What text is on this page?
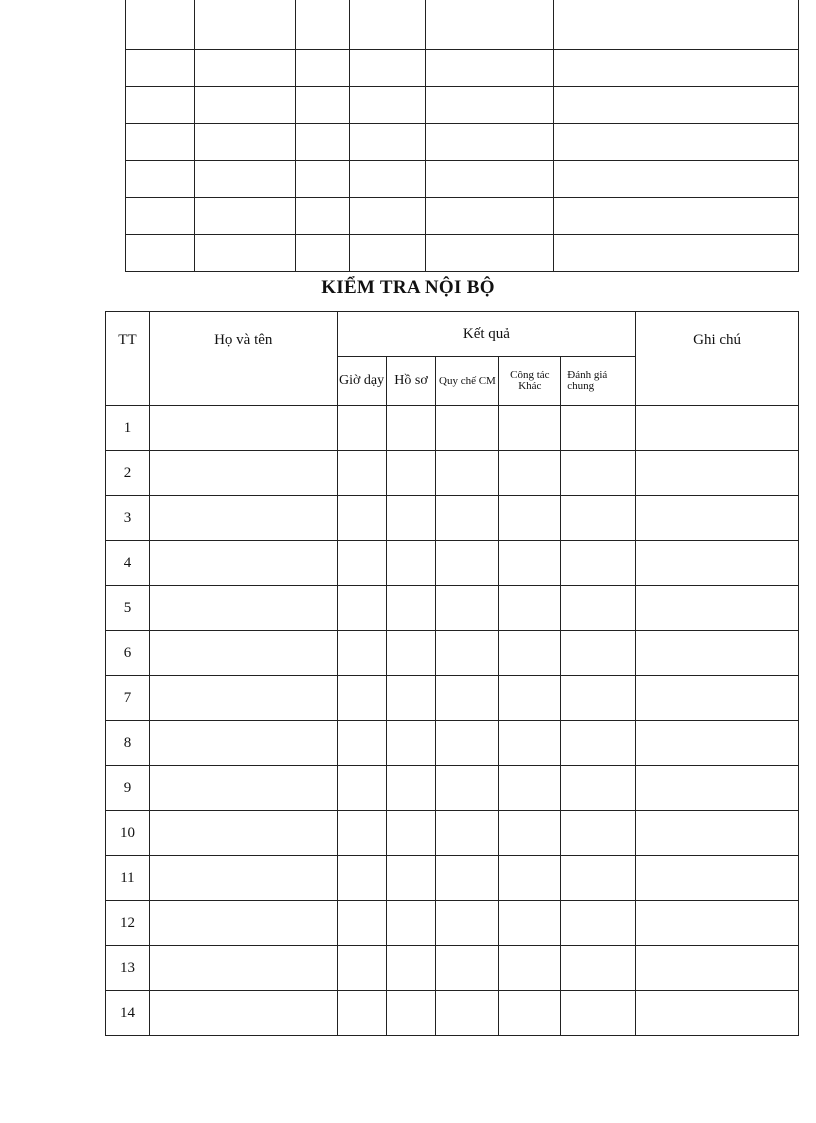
KIỂM TRA NỘI BỘ
TT	Họ và tên	Kết quả					Ghi chú
		Giờ dạy	Hồ sơ	Quy chế CM	Công tác Khác	Đánh giá chung	
1							
2							
3							
4							
5							
6							
7							
8							
9							
10							
11							
12							
13							
14							
